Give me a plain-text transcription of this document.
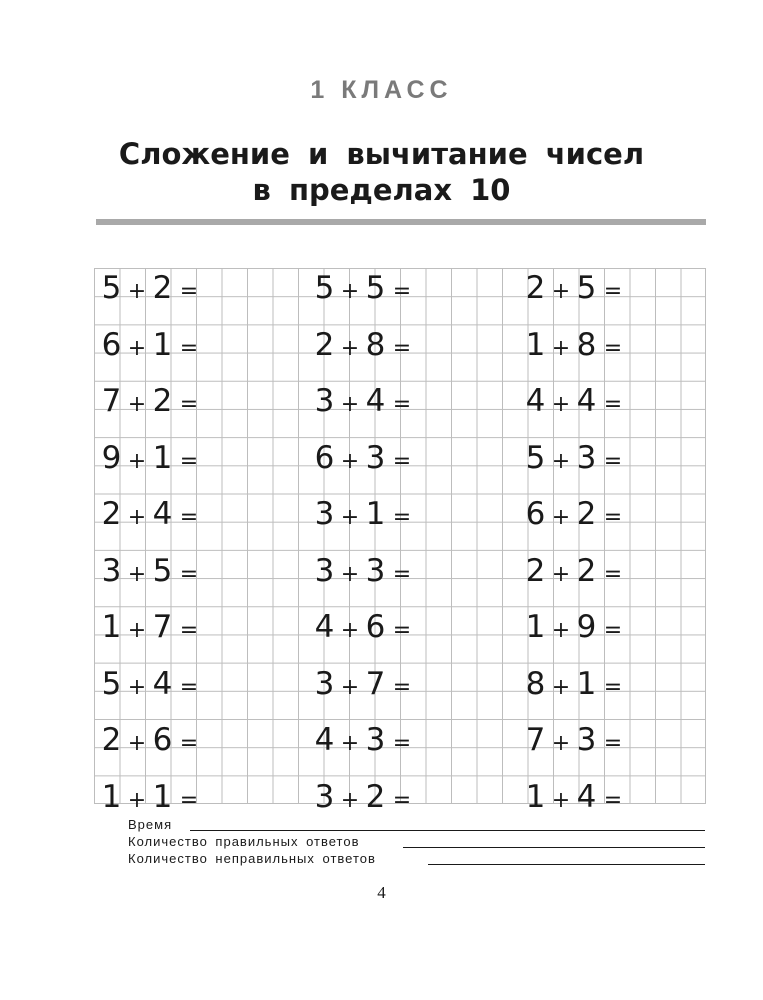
1 КЛАСС
Сложение и вычитание чисел
в пределах 10
5 + 2 =
6 + 1 =
7 + 2 =
9 + 1 =
2 + 4 =
3 + 5 =
1 + 7 =
5 + 4 =
2 + 6 =
1 + 1 =
5 + 5 =
2 + 8 =
3 + 4 =
6 + 3 =
3 + 1 =
3 + 3 =
4 + 6 =
3 + 7 =
4 + 3 =
3 + 2 =
2 + 5 =
1 + 8 =
4 + 4 =
5 + 3 =
6 + 2 =
2 + 2 =
1 + 9 =
8 + 1 =
7 + 3 =
1 + 4 =
Время
Количество правильных ответов
Количество неправильных ответов
4
